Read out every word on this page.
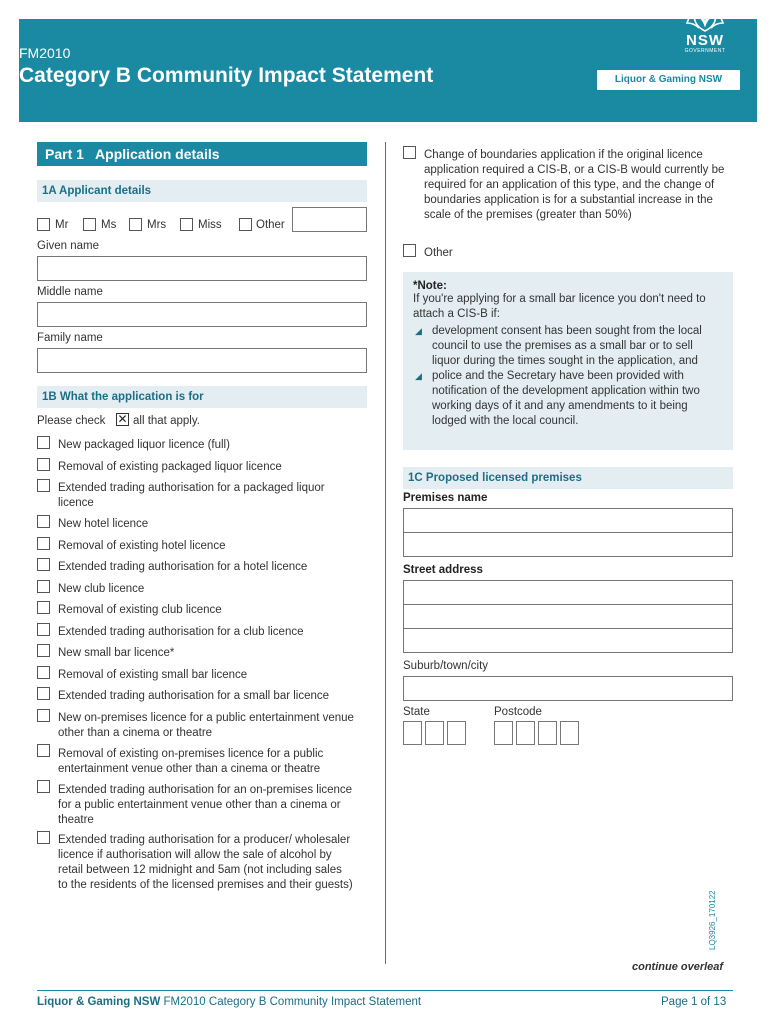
FM2010
Category B Community Impact Statement	Liquor & Gaming NSW
NSW
GOVERNMENT
Part 1   Application details
1A Applicant details
Mr	Ms	Mrs	Miss	Other
Given name
Middle name
Family name
1B What the application is for
Please check ✕ all that apply.
New packaged liquor licence (full)
Removal of existing packaged liquor licence
Extended trading authorisation for a packaged liquor licence
New hotel licence
Removal of existing hotel licence
Extended trading authorisation for a hotel licence
New club licence
Removal of existing club licence
Extended trading authorisation for a club licence
New small bar licence*
Removal of existing small bar licence
Extended trading authorisation for a small bar licence
New on-premises licence for a public entertainment venue other than a cinema or theatre
Removal of existing on-premises licence for a public entertainment venue other than a cinema or theatre
Extended trading authorisation for an on-premises licence for a public entertainment venue other than a cinema or theatre
Extended trading authorisation for a producer/ wholesaler licence if authorisation will allow the sale of alcohol by retail between 12 midnight and 5am (not including sales to the residents of the licensed premises and their guests)
Change of boundaries application if the original licence application required a CIS-B, or a CIS-B would currently be required for an application of this type, and the change of boundaries application is for a substantial increase in the scale of the premises (greater than 50%)
Other
*Note:
If you're applying for a small bar licence you don't need to attach a CIS-B if:
◢ development consent has been sought from the local council to use the premises as a small bar or to sell liquor during the times sought in the application, and
◢ police and the Secretary have been provided with notification of the development application within two working days of it and any amendments to it being lodged with the local council.
1C Proposed licensed premises
Premises name
Street address
Suburb/town/city
State	Postcode
continue overleaf
LQ3926_170122
Liquor & Gaming NSW FM2010 Category B Community Impact Statement	Page 1 of 13
